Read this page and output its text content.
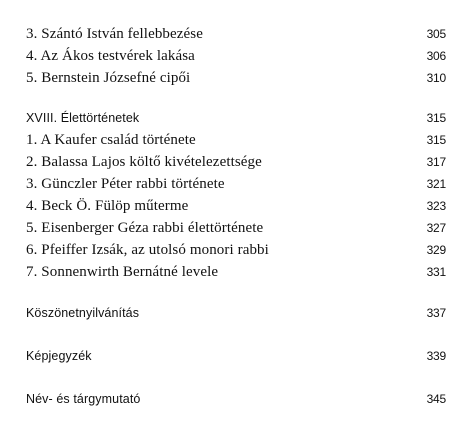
3. Szántó István fellebbezése	305
4. Az Ákos testvérek lakása	306
5. Bernstein Józsefné cipői	310
XVIII. Élettörténetek	315
1. A Kaufer család története	315
2. Balassa Lajos költő kivételezettsége	317
3. Günczler Péter rabbi története	321
4. Beck Ö. Fülöp műterme	323
5. Eisenberger Géza rabbi élettörténete	327
6. Pfeiffer Izsák, az utolsó monori rabbi	329
7. Sonnenwirth Bernátné levele	331
Köszönetnyilvánítás	337
Képjegyzék	339
Név- és tárgymutató	345
